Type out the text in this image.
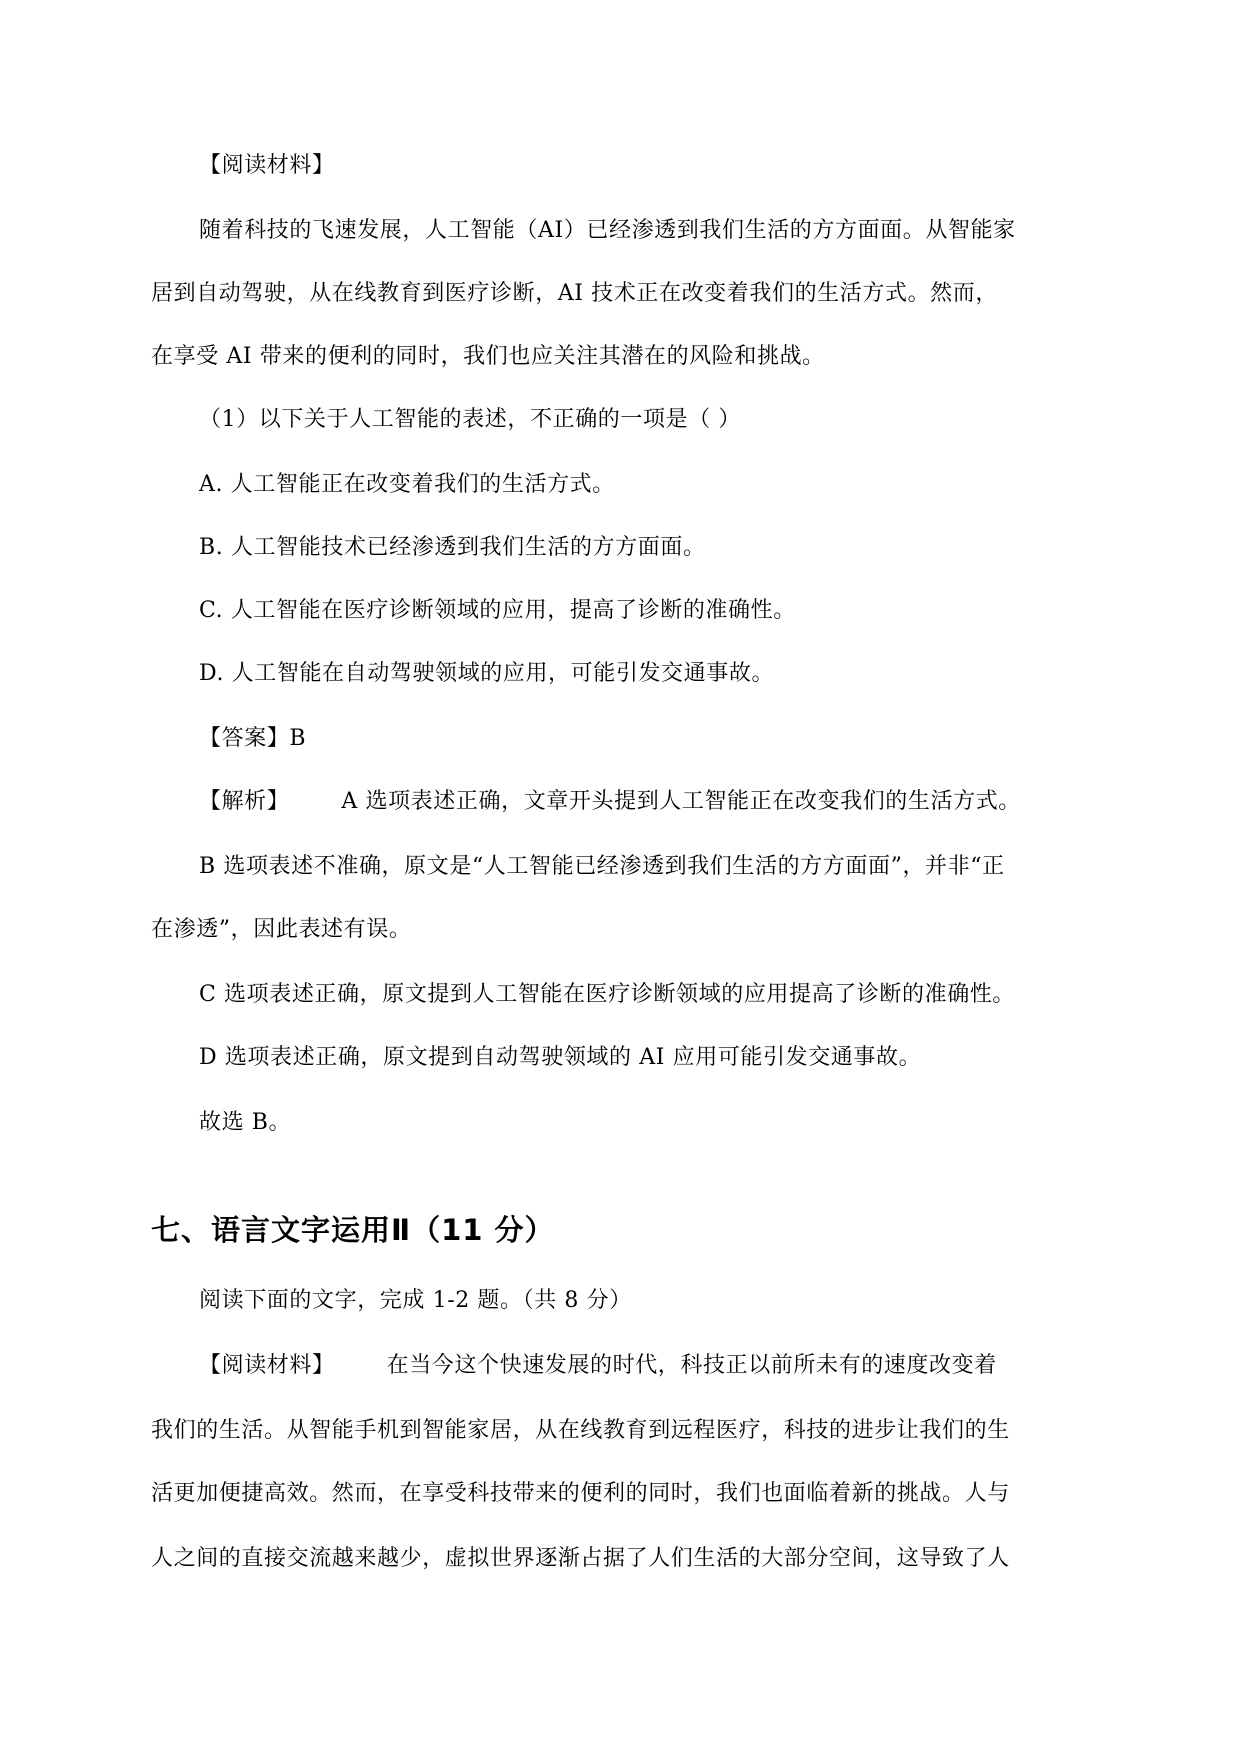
【阅读材料】
随着科技的飞速发展，人工智能（AI）已经渗透到我们生活的方方面面。从智能家
居到自动驾驶，从在线教育到医疗诊断，AI 技术正在改变着我们的生活方式。然而，
在享受 AI 带来的便利的同时，我们也应关注其潜在的风险和挑战。
（1）以下关于人工智能的表述，不正确的一项是（ ）
A. 人工智能正在改变着我们的生活方式。
B. 人工智能技术已经渗透到我们生活的方方面面。
C. 人工智能在医疗诊断领域的应用，提高了诊断的准确性。
D. 人工智能在自动驾驶领域的应用，可能引发交通事故。
【答案】B
【解析】 A 选项表述正确，文章开头提到人工智能正在改变我们的生活方式。
B 选项表述不准确，原文是“人工智能已经渗透到我们生活的方方面面”，并非“正
在渗透”，因此表述有误。
C 选项表述正确，原文提到人工智能在医疗诊断领域的应用提高了诊断的准确性。
D 选项表述正确，原文提到自动驾驶领域的 AI 应用可能引发交通事故。
故选 B。
七、语言文字运用Ⅱ（11 分）
阅读下面的文字，完成 1-2 题。（共 8 分）
【阅读材料】 在当今这个快速发展的时代，科技正以前所未有的速度改变着
我们的生活。从智能手机到智能家居，从在线教育到远程医疗，科技的进步让我们的生
活更加便捷高效。然而，在享受科技带来的便利的同时，我们也面临着新的挑战。人与
人之间的直接交流越来越少，虚拟世界逐渐占据了人们生活的大部分空间，这导致了人
